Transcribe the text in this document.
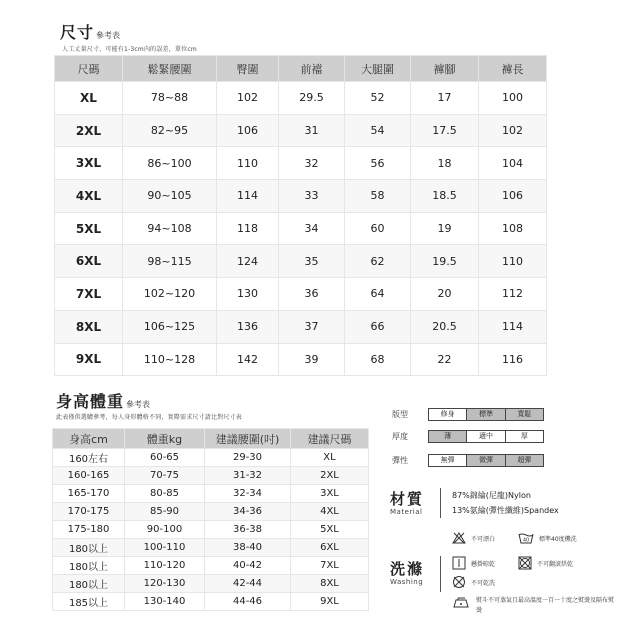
尺寸 參考表
人工丈量尺寸，可能有1-3cm內的誤差，單位cm
尺碼	鬆緊腰圍	臀圍	前襠	大腿圍	褲腳	褲長
XL	78~88	102	29.5	52	17	100
2XL	82~95	106	31	54	17.5	102
3XL	86~100	110	32	56	18	104
4XL	90~105	114	33	58	18.5	106
5XL	94~108	118	34	60	19	108
6XL	98~115	124	35	62	19.5	110
7XL	102~120	130	36	64	20	112
8XL	106~125	136	37	66	20.5	114
9XL	110~128	142	39	68	22	116
身高體重 參考表
此表僅供選購參考，每人身形體格不同，實際需求尺寸請比對尺寸表
身高cm	體重kg	建議腰圍(吋)	建議尺碼
160左右	60-65	29-30	XL
160-165	70-75	31-32	2XL
165-170	80-85	32-34	3XL
170-175	85-90	34-36	4XL
175-180	90-100	36-38	5XL
180以上	100-110	38-40	6XL
180以上	110-120	40-42	7XL
180以上	120-130	42-44	8XL
185以上	130-140	44-46	9XL
版型	修身	標準	寬鬆
厚度	薄	適中	厚
彈性	無彈	微彈	超彈
材質
Material
87%錦綸(尼龍)Nylon
13%氨綸(彈性纖維)Spandex
洗滌
Washing
不可漂白	40 標準40度機洗
懸掛晾乾	不可翻滾烘乾
不可乾洗
熨斗不可蒸氣且最高溫度一百一十度之熨燙及隔布熨燙
